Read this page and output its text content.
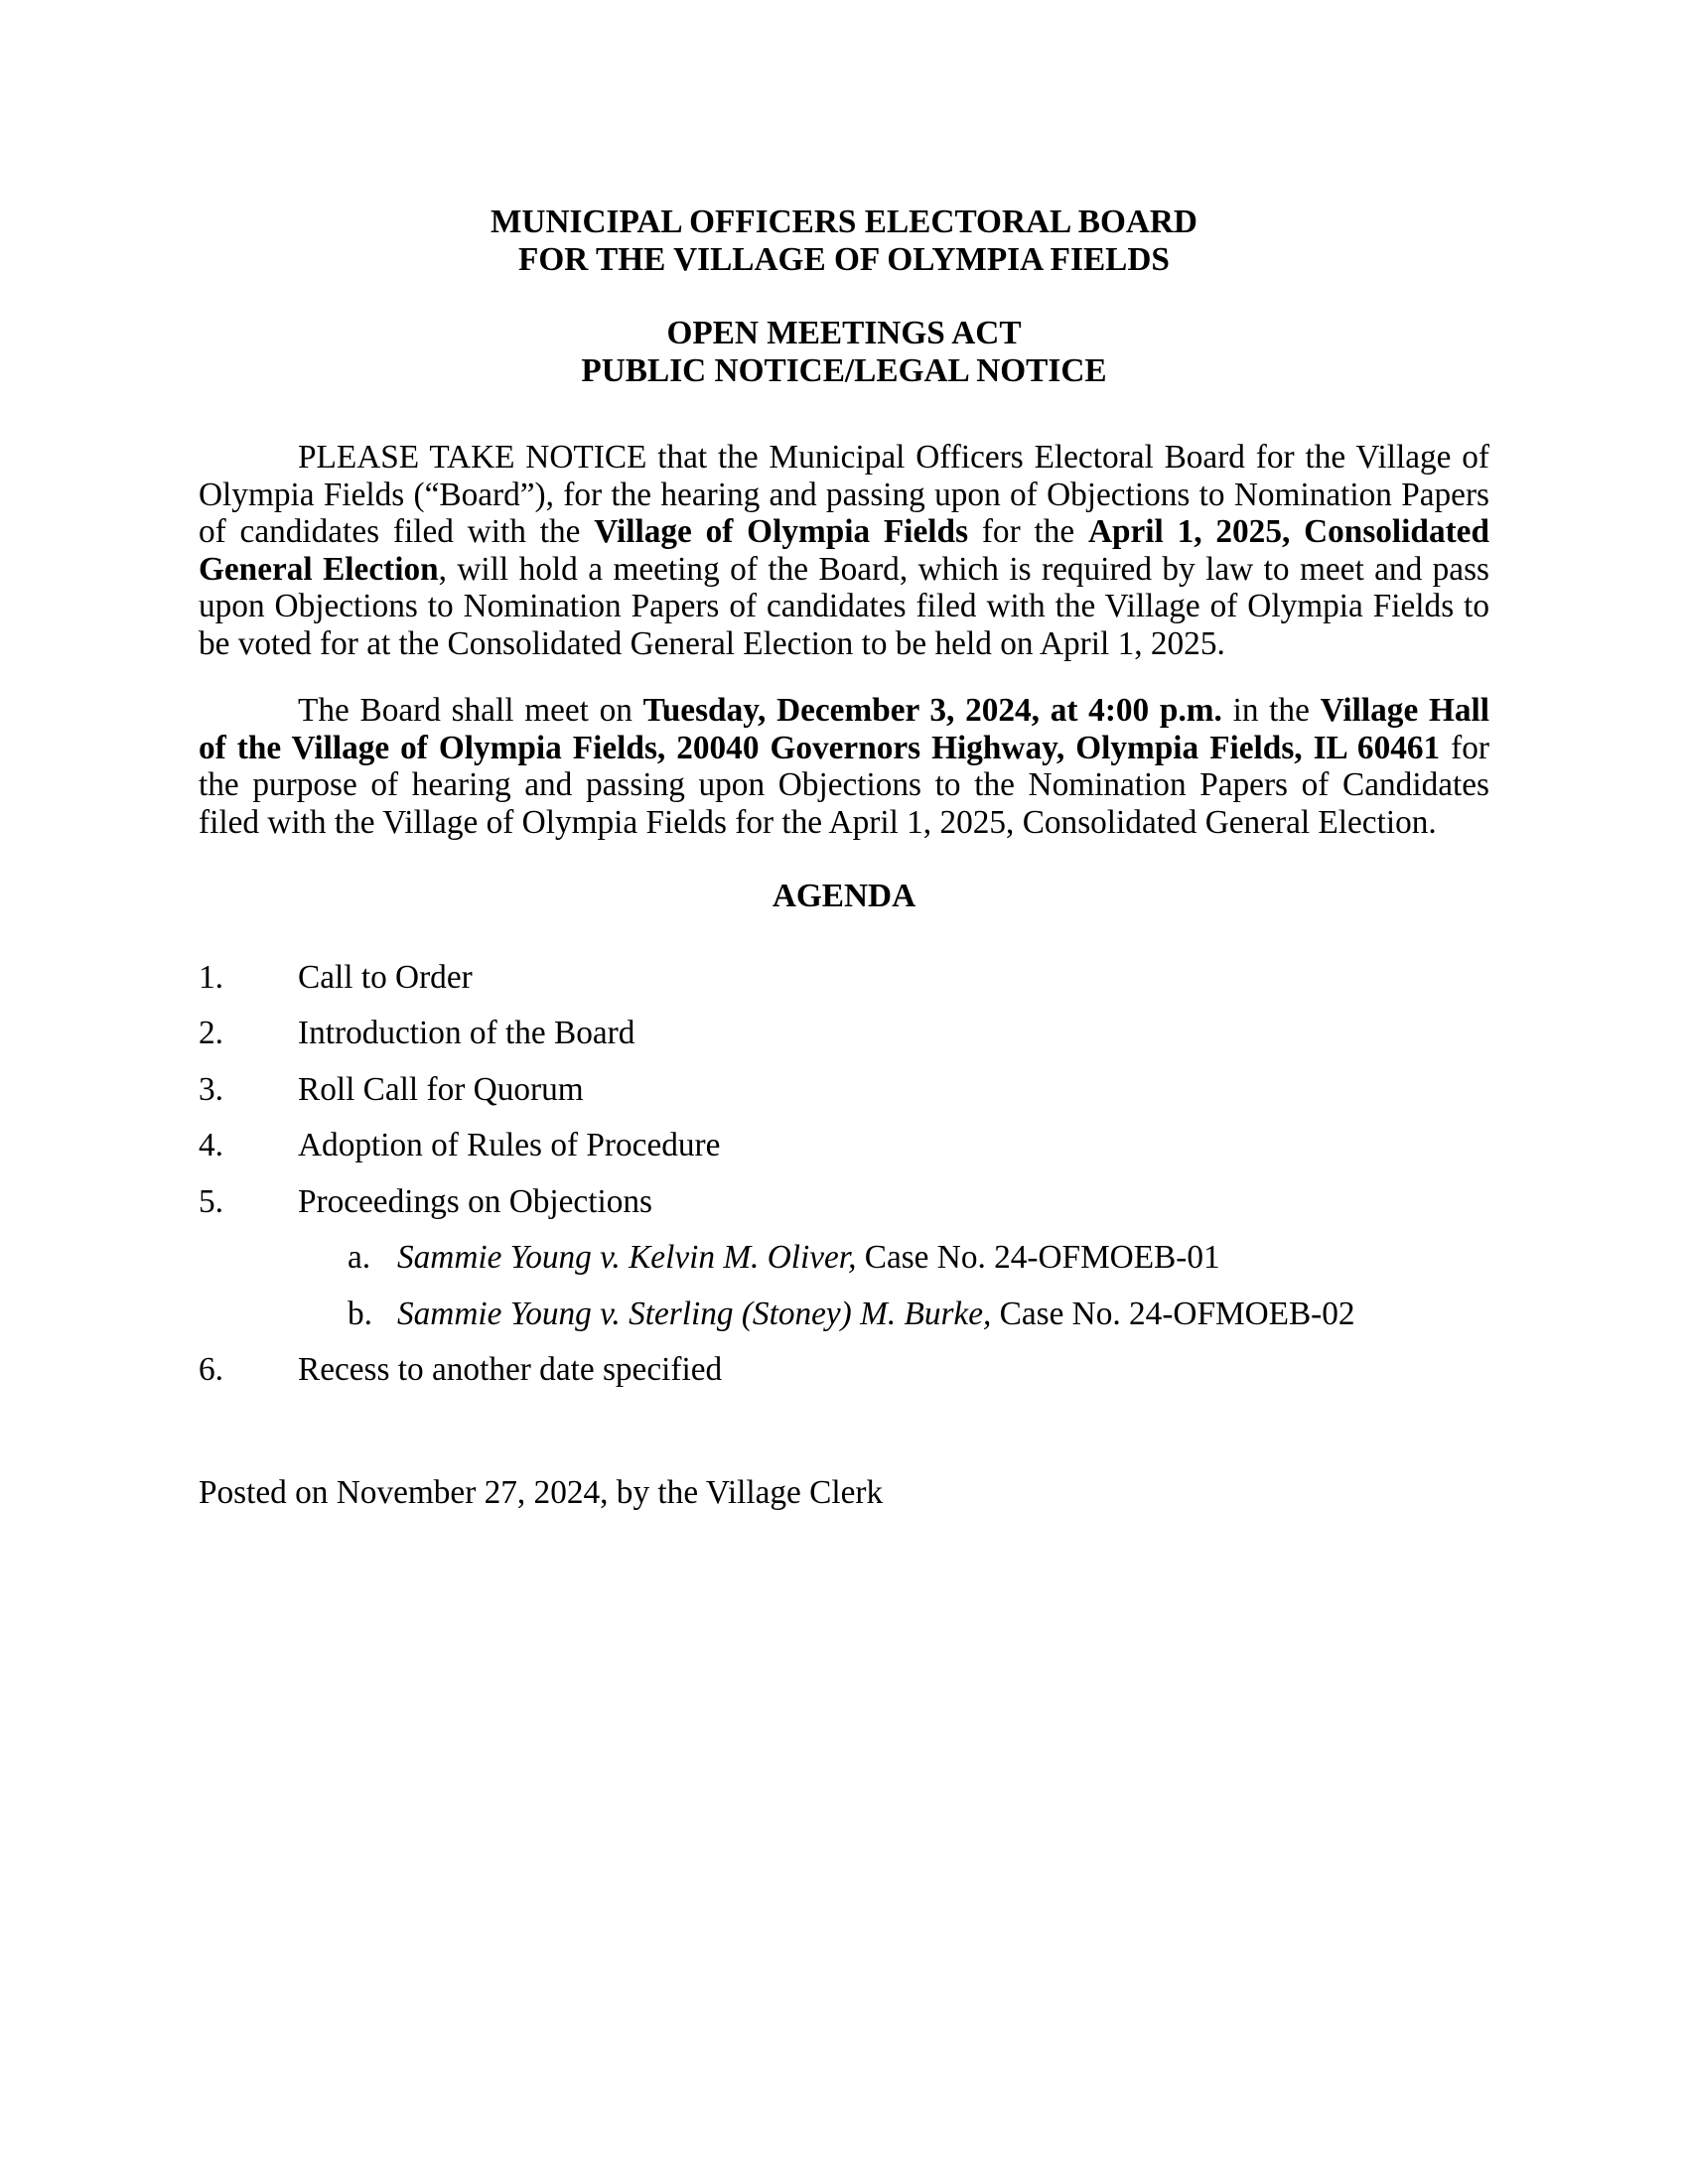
MUNICIPAL OFFICERS ELECTORAL BOARD
FOR THE VILLAGE OF OLYMPIA FIELDS
OPEN MEETINGS ACT
PUBLIC NOTICE/LEGAL NOTICE

PLEASE TAKE NOTICE that the Municipal Officers Electoral Board for the Village of Olympia Fields (“Board”), for the hearing and passing upon of Objections to Nomination Papers of candidates filed with the Village of Olympia Fields for the April 1, 2025, Consolidated General Election, will hold a meeting of the Board, which is required by law to meet and pass upon Objections to Nomination Papers of candidates filed with the Village of Olympia Fields to be voted for at the Consolidated General Election to be held on April 1, 2025.

The Board shall meet on Tuesday, December 3, 2024, at 4:00 p.m. in the Village Hall of the Village of Olympia Fields, 20040 Governors Highway, Olympia Fields, IL 60461 for the purpose of hearing and passing upon Objections to the Nomination Papers of Candidates filed with the Village of Olympia Fields for the April 1, 2025, Consolidated General Election.

AGENDA
1.	Call to Order
2.	Introduction of the Board
3.	Roll Call for Quorum
4.	Adoption of Rules of Procedure
5.	Proceedings on Objections
a. Sammie Young v. Kelvin M. Oliver, Case No. 24-OFMOEB-01
b. Sammie Young v. Sterling (Stoney) M. Burke, Case No. 24-OFMOEB-02
6.	Recess to another date specified
Posted on November 27, 2024, by the Village Clerk
